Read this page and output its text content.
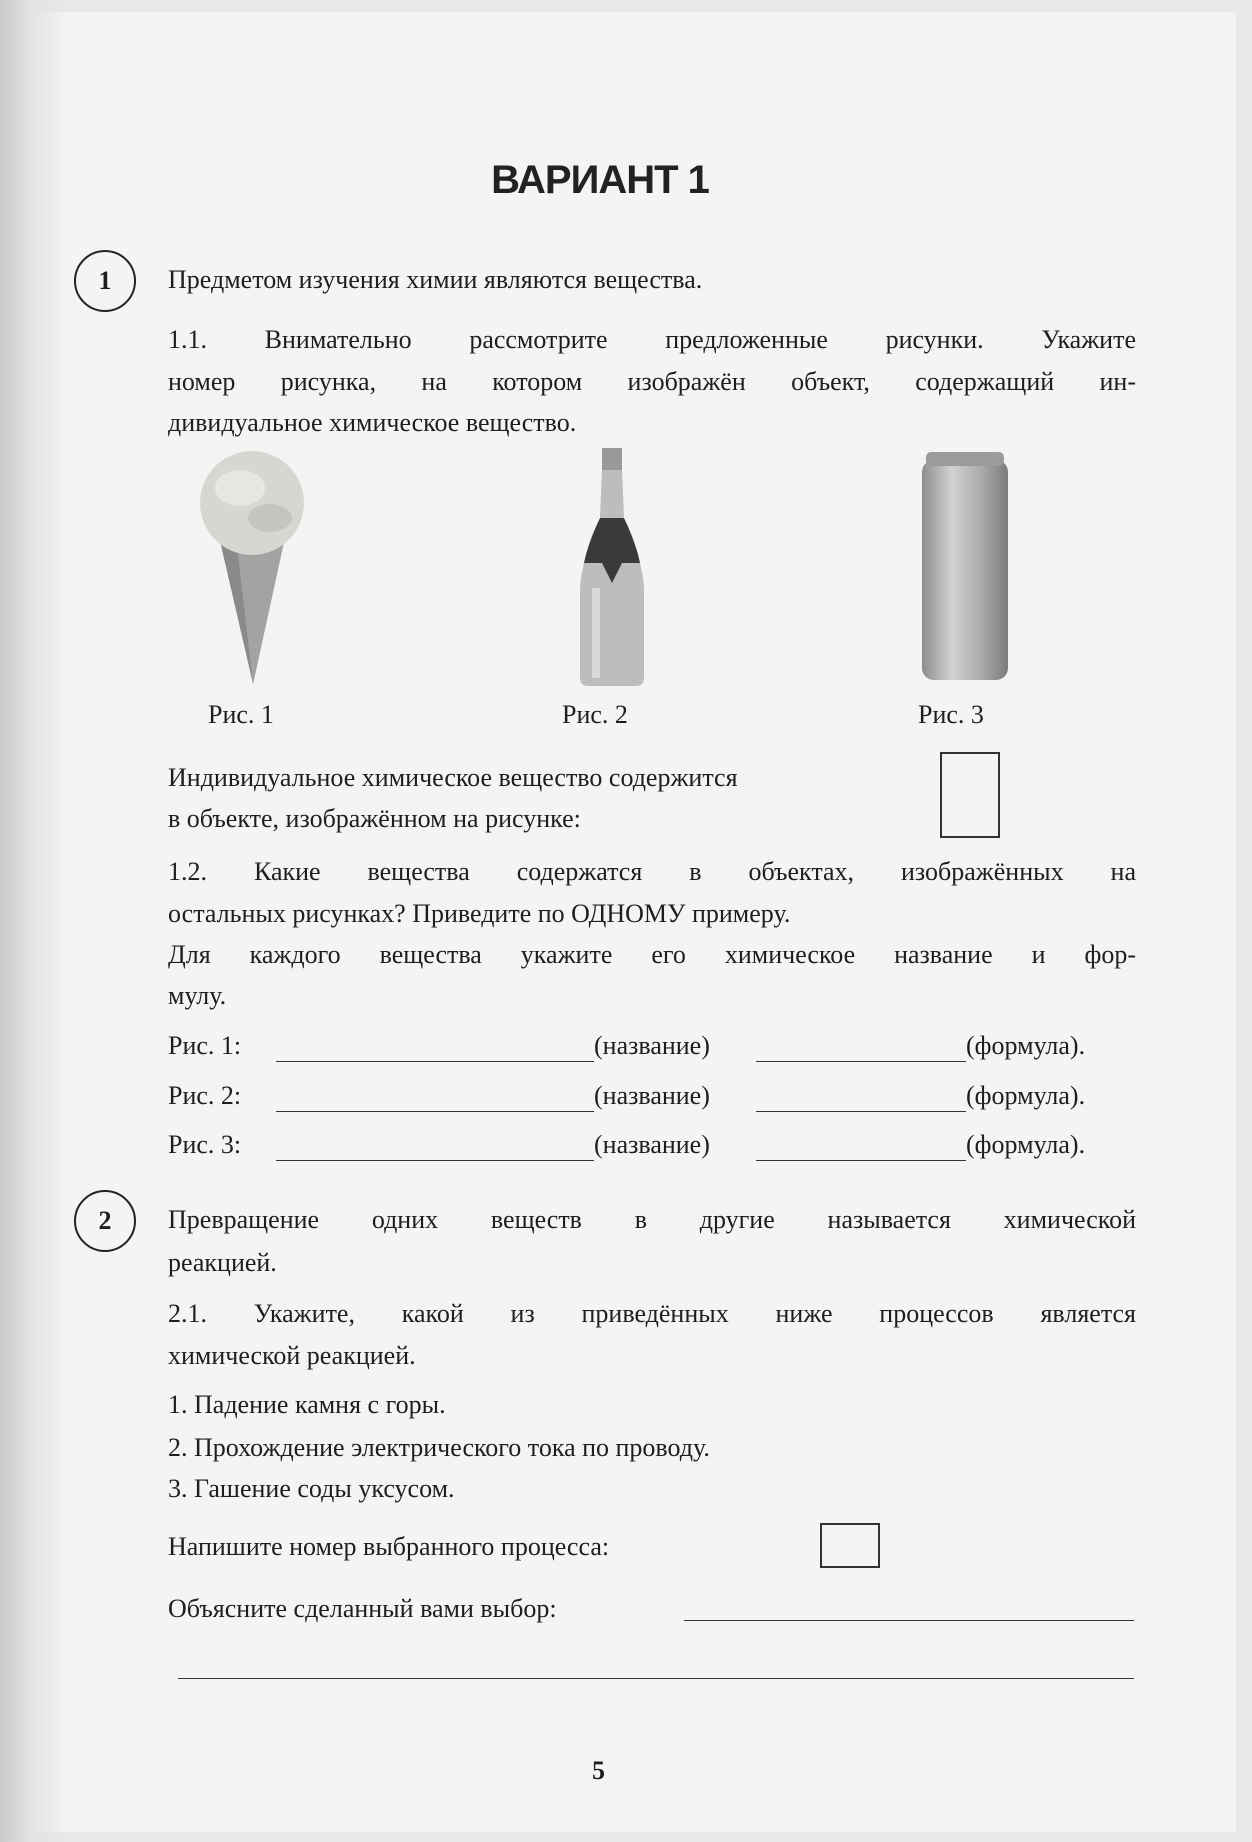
ВАРИАНТ 1
1	Предметом изучения химии являются вещества.
1.1. Внимательно рассмотрите предложенные рисунки. Укажите
номер рисунка, на котором изображён объект, содержащий ин-
дивидуальное химическое вещество.
Рис. 1	Рис. 2	Рис. 3
Индивидуальное химическое вещество содержится
в объекте, изображённом на рисунке:
1.2. Какие вещества содержатся в объектах, изображённых на
остальных рисунках? Приведите по ОДНОМУ примеру.
Для каждого вещества укажите его химическое название и фор-
мулу.
Рис. 1:	(название)	(формула).
Рис. 2:	(название)	(формула).
Рис. 3:	(название)	(формула).
2	Превращение одних веществ в другие называется химической
реакцией.
2.1. Укажите, какой из приведённых ниже процессов является
химической реакцией.
1. Падение камня с горы.
2. Прохождение электрического тока по проводу.
3. Гашение соды уксусом.
Напишите номер выбранного процесса:
Объясните сделанный вами выбор:
5
